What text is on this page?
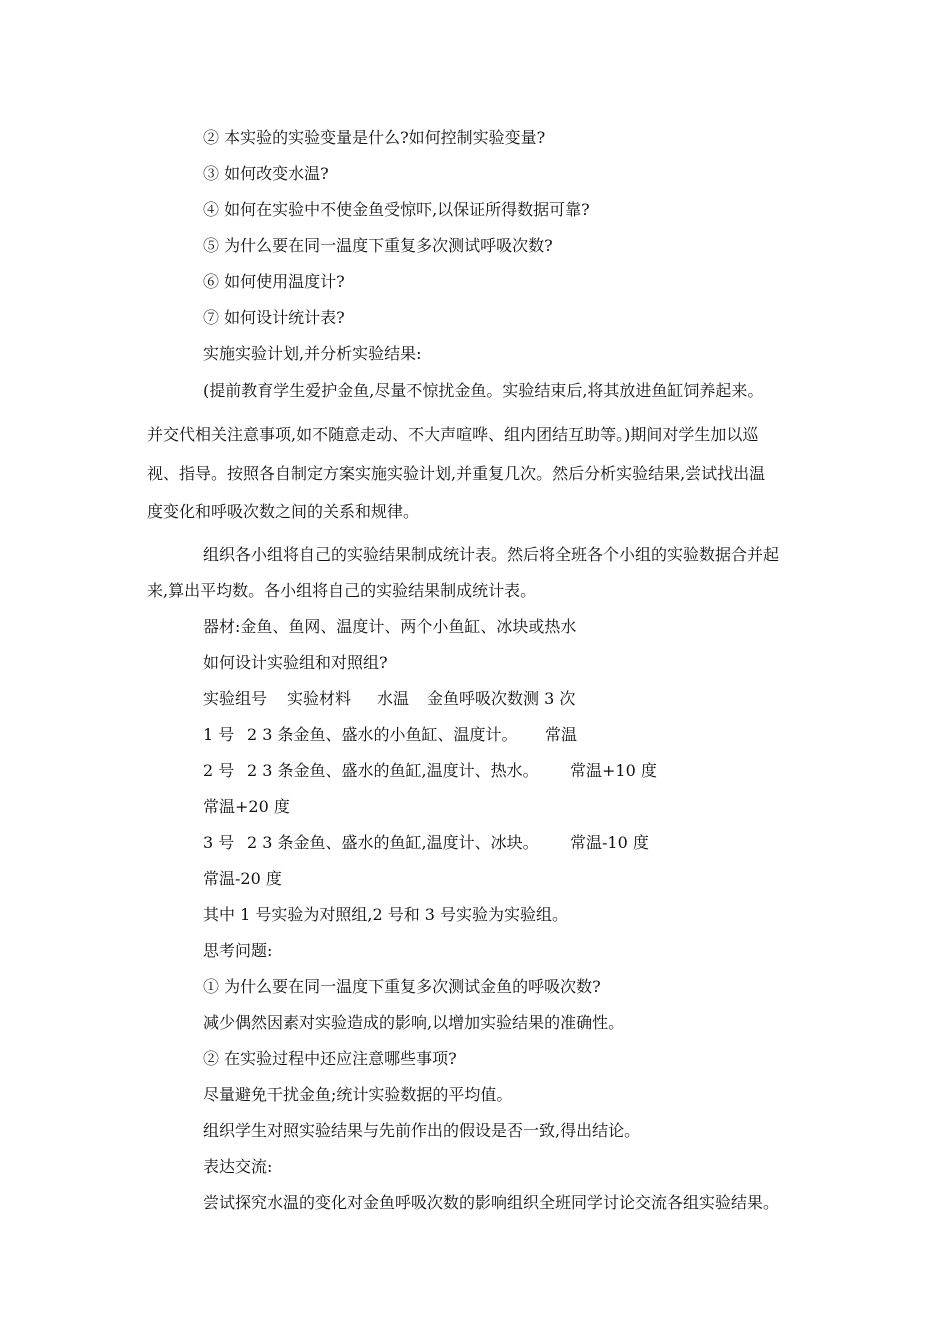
② 本实验的实验变量是什么?如何控制实验变量?
③ 如何改变水温?
④ 如何在实验中不使金鱼受惊吓,以保证所得数据可靠?
⑤ 为什么要在同一温度下重复多次测试呼吸次数?
⑥ 如何使用温度计?
⑦ 如何设计统计表?
实施实验计划,并分析实验结果:
(提前教育学生爱护金鱼,尽量不惊扰金鱼。实验结束后,将其放进鱼缸饲养起来。
并交代相关注意事项,如不随意走动、不大声喧哗、组内团结互助等。)期间对学生加以巡
视、指导。按照各自制定方案实施实验计划,并重复几次。然后分析实验结果,尝试找出温
度变化和呼吸次数之间的关系和规律。
组织各小组将自己的实验结果制成统计表。然后将全班各个小组的实验数据合并起
来,算出平均数。各小组将自己的实验结果制成统计表。
器材:金鱼、鱼网、温度计、两个小鱼缸、冰块或热水
如何设计实验组和对照组?
实验组号 实验材料 水温 金鱼呼吸次数测 3 次
1 号 2 3 条金鱼、盛水的小鱼缸、温度计。 常温
2 号 2 3 条金鱼、盛水的鱼缸,温度计、热水。 常温+10 度
常温+20 度
3 号 2 3 条金鱼、盛水的鱼缸,温度计、冰块。 常温-10 度
常温-20 度
其中 1 号实验为对照组,2 号和 3 号实验为实验组。
思考问题:
① 为什么要在同一温度下重复多次测试金鱼的呼吸次数?
减少偶然因素对实验造成的影响,以增加实验结果的准确性。
② 在实验过程中还应注意哪些事项?
尽量避免干扰金鱼;统计实验数据的平均值。
组织学生对照实验结果与先前作出的假设是否一致,得出结论。
表达交流:
尝试探究水温的变化对金鱼呼吸次数的影响组织全班同学讨论交流各组实验结果。
